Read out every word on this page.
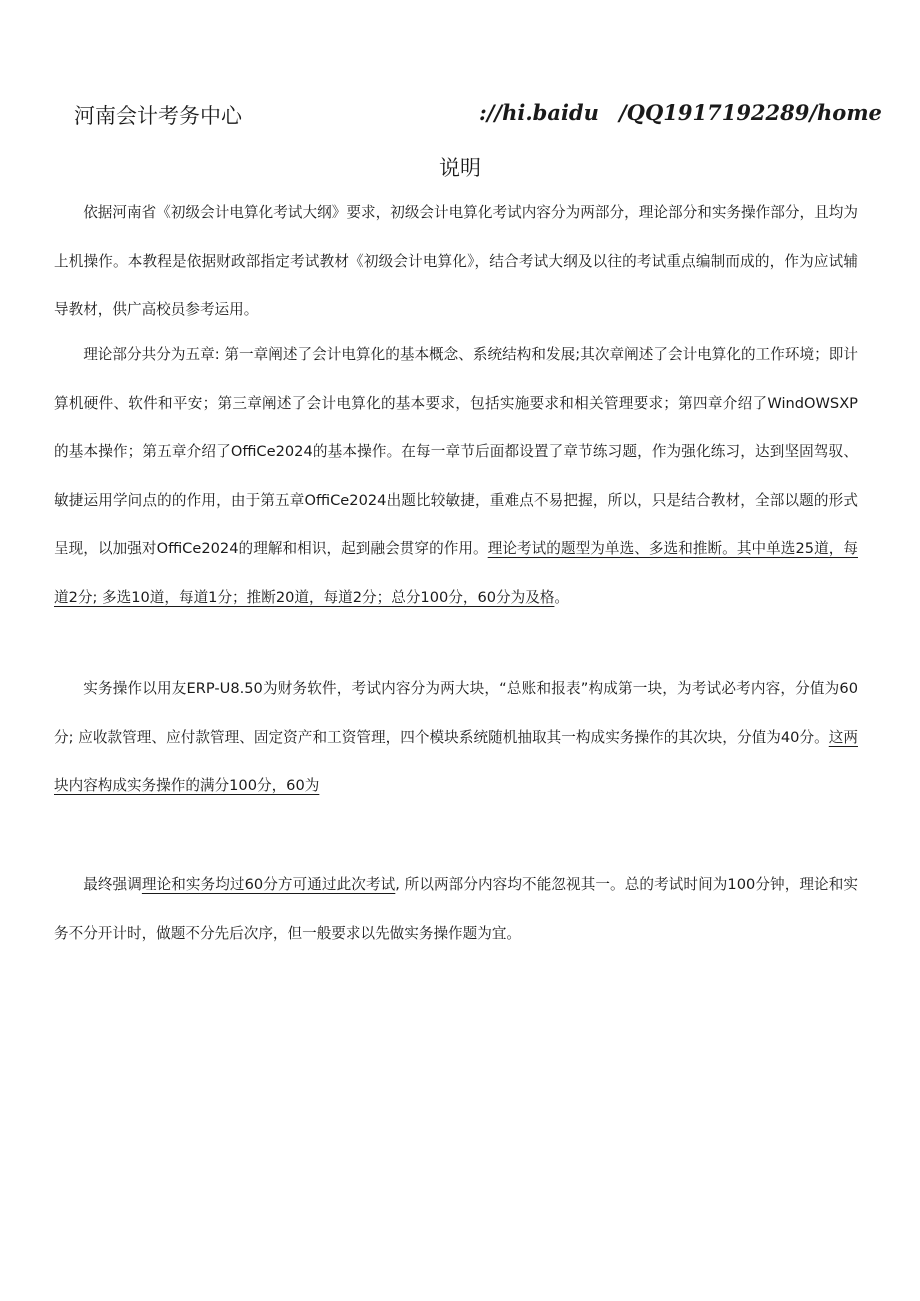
河南会计考务中心	://hi.baidu /QQ1917192289/home
说明

依据河南省《初级会计电算化考试大纲》要求，初级会计电算化考试内容分为两部分，理论部分和实务操作部分，且均为上机操作。本教程是依据财政部指定考试教材《初级会计电算化》，结合考试大纲及以往的考试重点编制而成的，作为应试辅导教材，供广高校员参考运用。

理论部分共分为五章: 第一章阐述了会计电算化的基本概念、系统结构和发展;其次章阐述了会计电算化的工作环境；即计算机硬件、软件和平安；第三章阐述了会计电算化的基本要求，包括实施要求和相关管理要求；第四章介绍了WindOWSXP的基本操作；第五章介绍了OffiCe2024的基本操作。在每一章节后面都设置了章节练习题，作为强化练习，达到坚固驾驭、敏捷运用学问点的的作用，由于第五章OffiCe2024出题比较敏捷，重难点不易把握，所以，只是结合教材，全部以题的形式呈现，以加强对OffiCe2024的理解和相识，起到融会贯穿的作用。理论考试的题型为单选、多选和推断。其中单选25道，每道2分; 多选10道，每道1分；推断20道，每道2分；总分100分，60分为及格。

实务操作以用友ERP-U8.50为财务软件，考试内容分为两大块，“总账和报表”构成第一块，为考试必考内容，分值为60分; 应收款管理、应付款管理、固定资产和工资管理，四个模块系统随机抽取其一构成实务操作的其次块，分值为40分。这两块内容构成实务操作的满分100分，60为

最终强调理论和实务均过60分方可通过此次考试, 所以两部分内容均不能忽视其一。总的考试时间为100分钟，理论和实务不分开计时，做题不分先后次序，但一般要求以先做实务操作题为宜。
